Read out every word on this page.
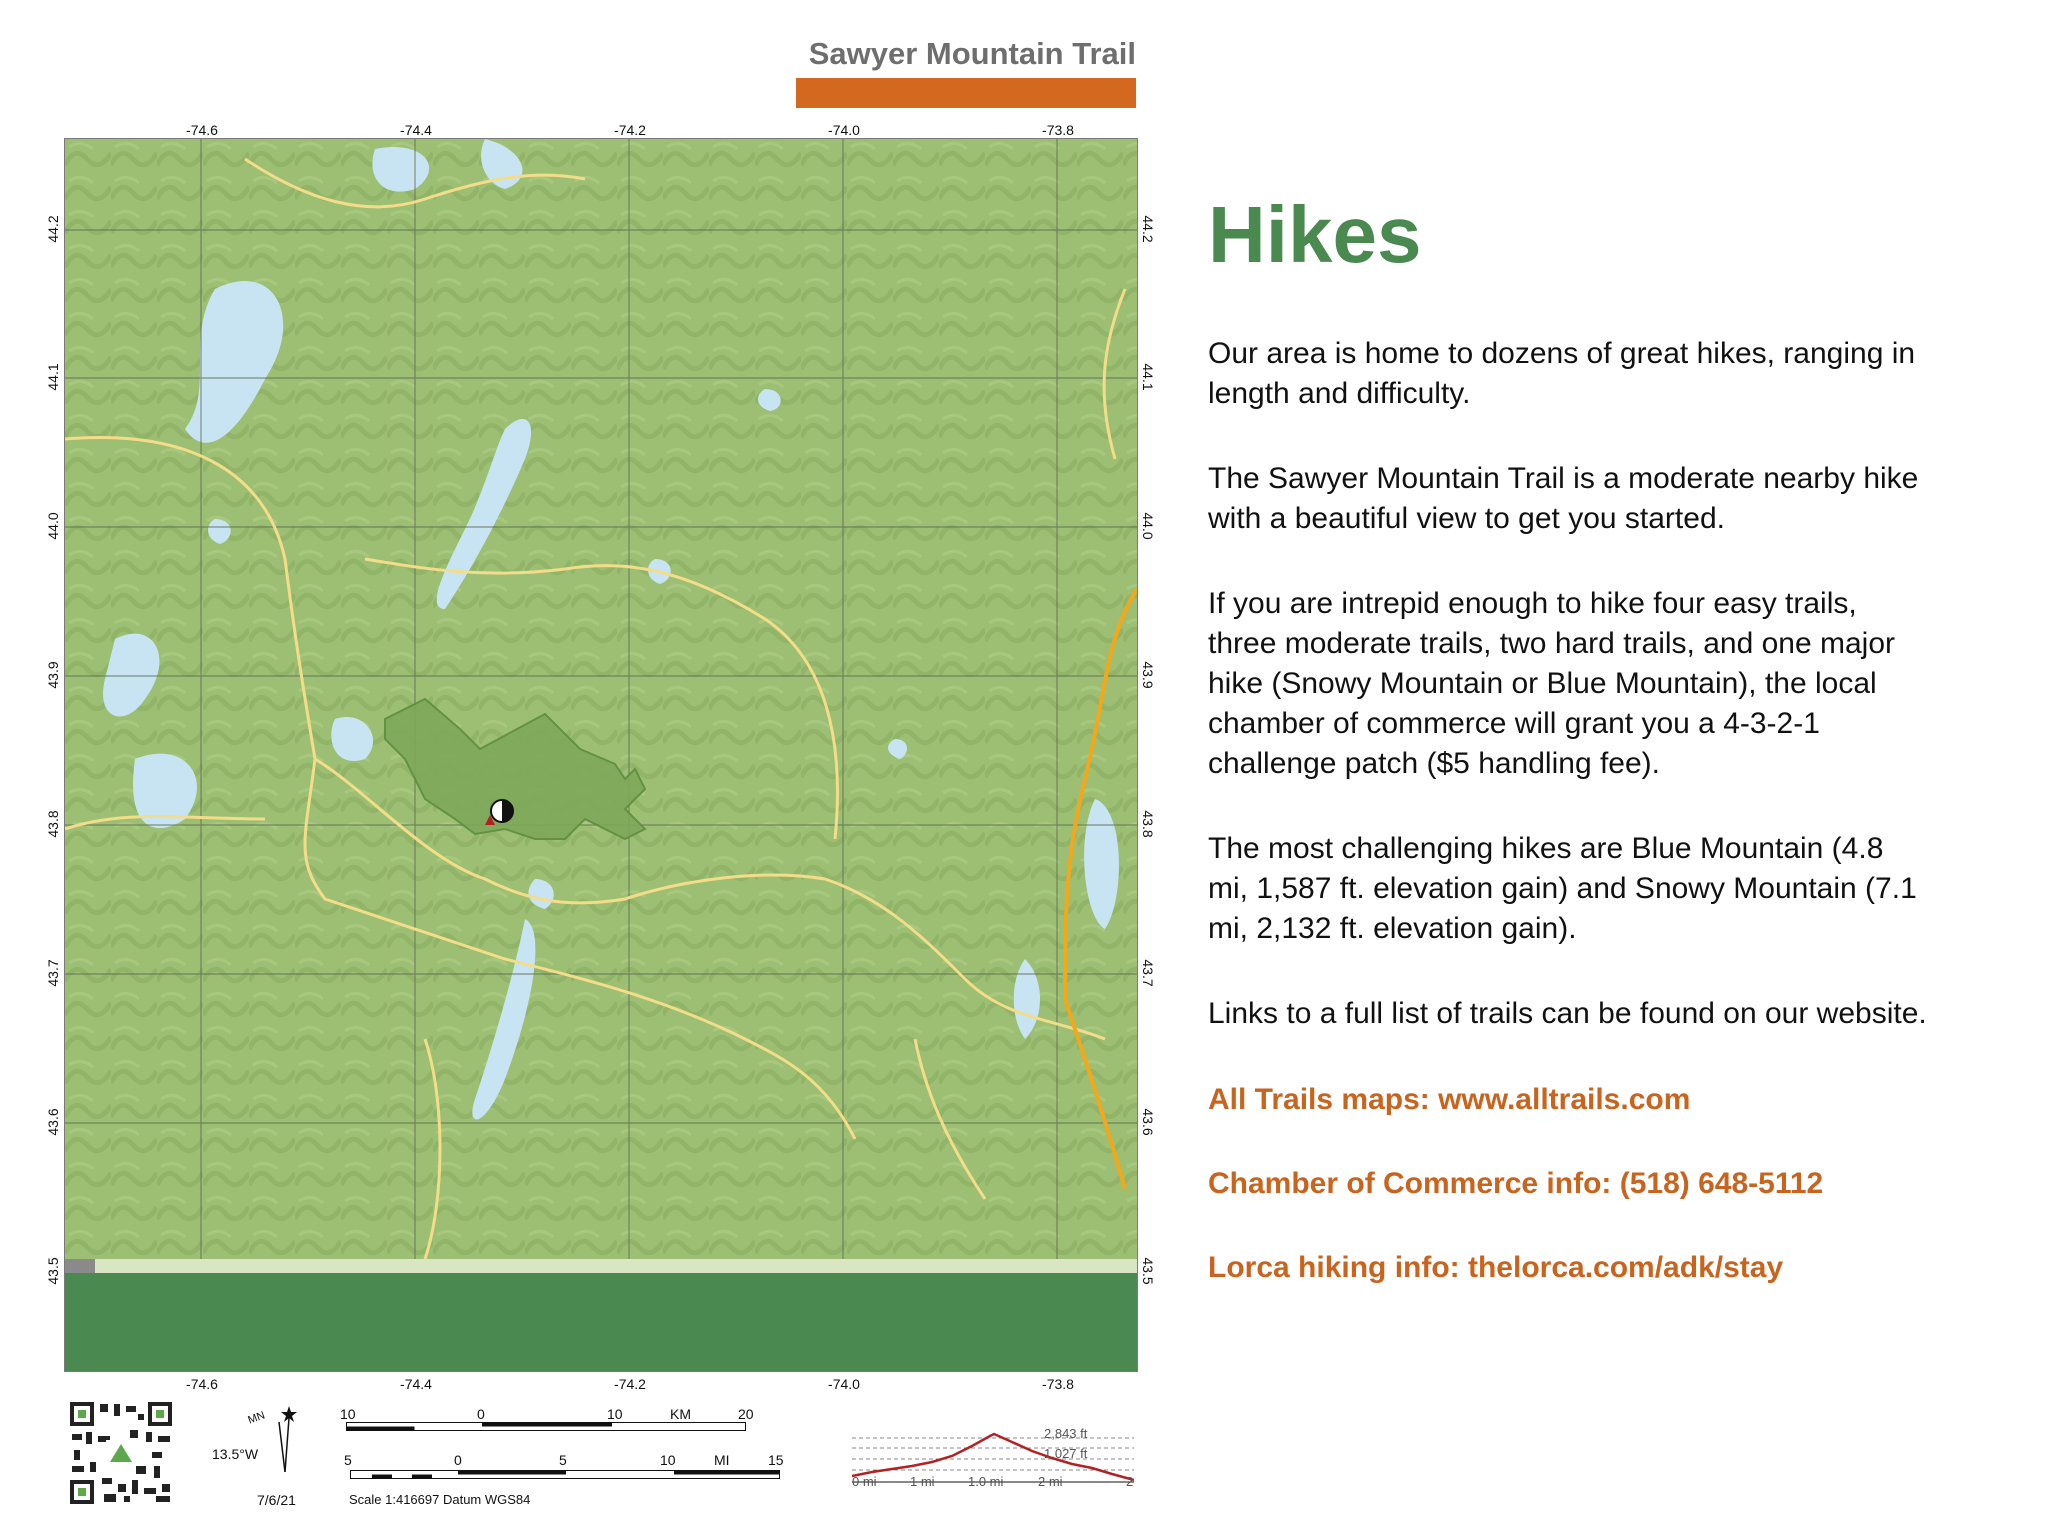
Sawyer Mountain Trail
-74.6	-74.4	-74.2	-74.0	-73.8
-74.6	-74.4	-74.2	-74.0	-73.8
44.2
44.1
44.0
43.9
43.8
43.7
43.6
43.5
44.2
44.1
44.0
43.9
43.8
43.7
43.6
43.5
Hikes

Our area is home to dozens of great hikes, ranging in length and difficulty.

The Sawyer Mountain Trail is a moderate nearby hike with a beautiful view to get you started.

If you are intrepid enough to hike four easy trails, three moderate trails, two hard trails, and one major hike (Snowy Mountain or Blue Mountain), the local chamber of commerce will grant you a 4-3-2-1 challenge patch ($5 handling fee).

The most challenging hikes are Blue Mountain (4.8 mi, 1,587 ft. elevation gain) and Snowy Mountain (7.1 mi, 2,132 ft. elevation gain).

Links to a full list of trails can be found on our website.

All Trails maps: www.alltrails.com

Chamber of Commerce info: (518) 648-5112

Lorca hiking info: thelorca.com/adk/stay

MN
13.5°W
7/6/21
10	0	10	KM	20
5	0	5	10	MI	15
Scale 1:416697 Datum WGS84
2,843 ft
1,027 ft
0 mi	1 mi	1.0 mi	2 mi	2
